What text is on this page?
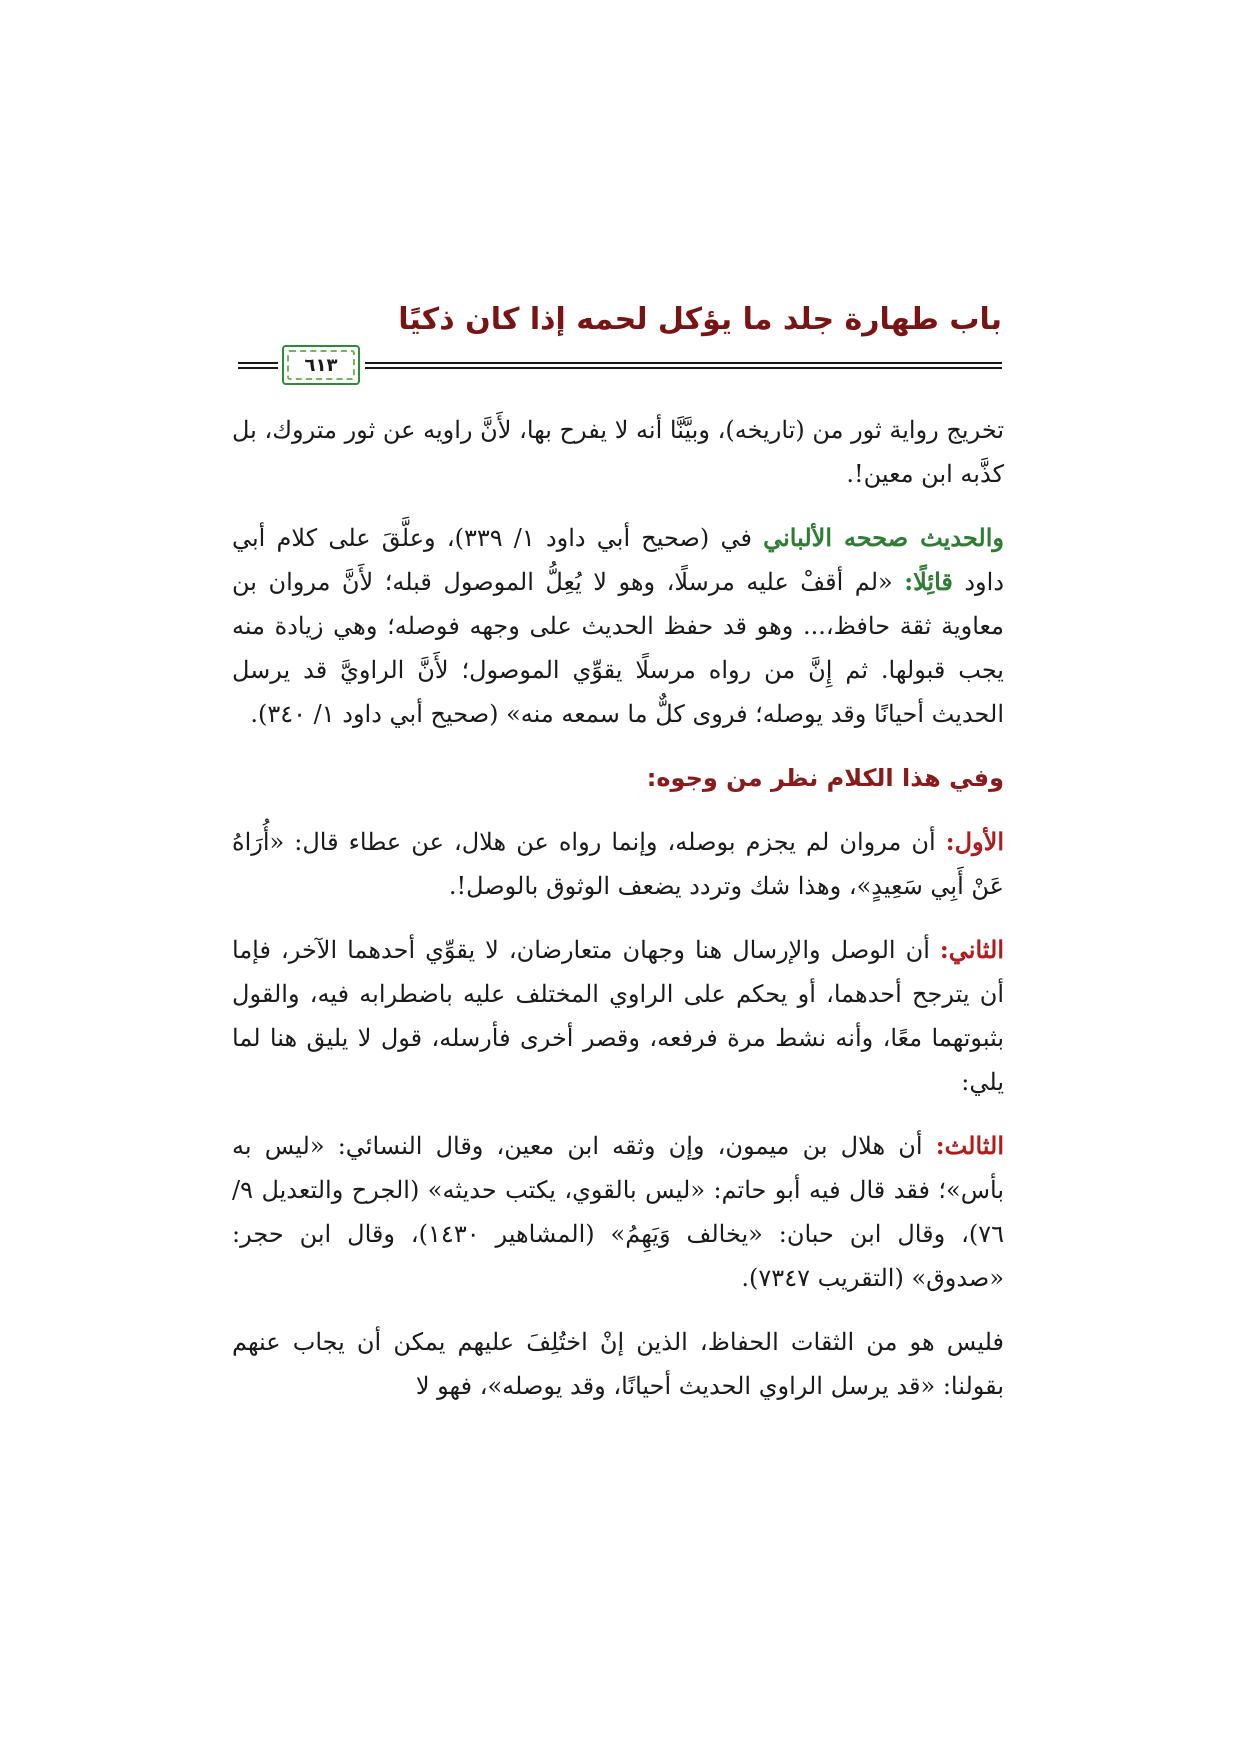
باب طهارة جلد ما يؤكل لحمه إذا كان ذكيًا
٦١٣

تخريج رواية ثور من (تاريخه)، وبيَّنَّا أنه لا يفرح بها، لأَنَّ راويه عن ثور متروك، بل كذَّبه ابن معين!.

والحديث صححه الألباني في (صحيح أبي داود ١/ ٣٣٩)، وعلَّقَ على كلام أبي داود قائِلًا: «لم أقفْ عليه مرسلًا، وهو لا يُعِلُّ الموصول قبله؛ لأَنَّ مروان بن معاوية ثقة حافظ،... وهو قد حفظ الحديث على وجهه فوصله؛ وهي زيادة منه يجب قبولها. ثم إِنَّ من رواه مرسلًا يقوِّي الموصول؛ لأَنَّ الراويَّ قد يرسل الحديث أحيانًا وقد يوصله؛ فروى كلٌّ ما سمعه منه» (صحيح أبي داود ١/ ٣٤٠).

وفي هذا الكلام نظر من وجوه:

الأول: أن مروان لم يجزم بوصله، وإنما رواه عن هلال، عن عطاء قال: «أُرَاهُ عَنْ أَبِي سَعِيدٍ»، وهذا شك وتردد يضعف الوثوق بالوصل!.

الثاني: أن الوصل والإرسال هنا وجهان متعارضان، لا يقوِّي أحدهما الآخر، فإما أن يترجح أحدهما، أو يحكم على الراوي المختلف عليه باضطرابه فيه، والقول بثبوتهما معًا، وأنه نشط مرة فرفعه، وقصر أخرى فأرسله، قول لا يليق هنا لما يلي:

الثالث: أن هلال بن ميمون، وإن وثقه ابن معين، وقال النسائي: «ليس به بأس»؛ فقد قال فيه أبو حاتم: «ليس بالقوي، يكتب حديثه» (الجرح والتعديل ٩/ ٧٦)، وقال ابن حبان: «يخالف وَيَهِمُ» (المشاهير ١٤٣٠)، وقال ابن حجر: «صدوق» (التقريب ٧٣٤٧).

فليس هو من الثقات الحفاظ، الذين إنْ اختُلِفَ عليهم يمكن أن يجاب عنهم بقولنا: «قد يرسل الراوي الحديث أحيانًا، وقد يوصله»، فهو لا
